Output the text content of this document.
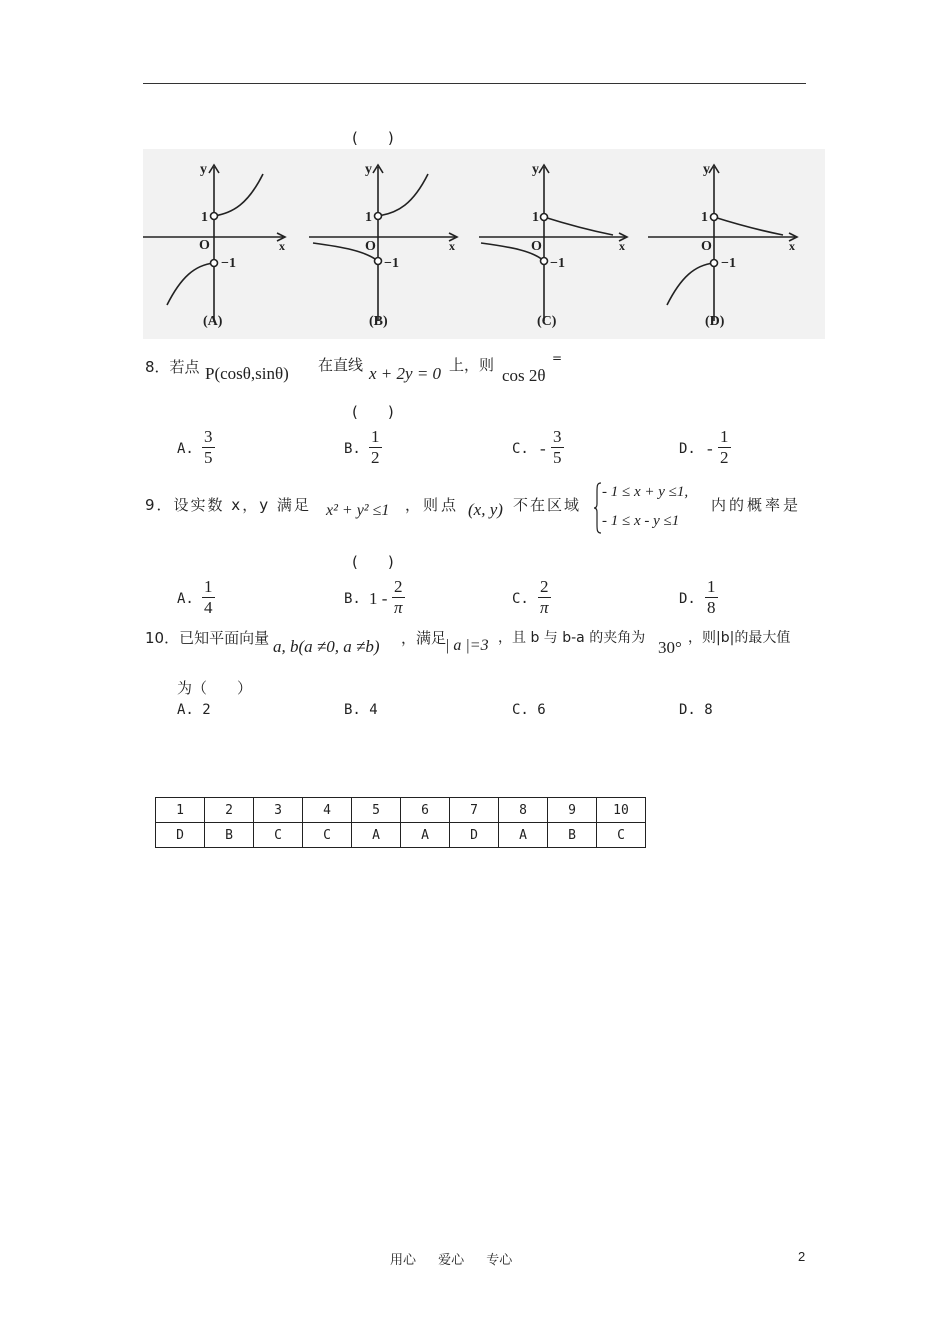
(　　)
y
x
O
1
−1
(A)
y
x
O
1
−1
(B)
y
x
O
1
−1
(C)
y
x
O
1
−1
(D)
8．若点 P(cosθ,sinθ) 在直线 x + 2y = 0 上，则
cos 2θ
=
(　　)
A. $\frac{3}{5}$	B. $\frac{1}{2}$	C. - $\frac{3}{5}$	D. - $\frac{1}{2}$
9．设实数 x，y 满足 x² + y² ≤1 ，则点 (x, y) 不在区域
- 1 ≤ x + y ≤1,
- 1 ≤ x - y ≤1
内的概率是
(　　)
A. $\frac{1}{4}$	B. $1 - \frac{2}{\pi}$	C. $\frac{2}{\pi}$	D. $\frac{1}{8}$
10．已知平面向量 a, b(a ≠0, a ≠b) ，满足
| a |=3 ，且 b 与 b-a 的夹角为 30° ，则|b|的最大值
为（　　）
A. 2	B. 4	C. 6	D. 8
1	2	3	4	5	6	7	8	9	10
D	B	C	C	A	A	D	A	B	C
用心 爱心 专心	2
